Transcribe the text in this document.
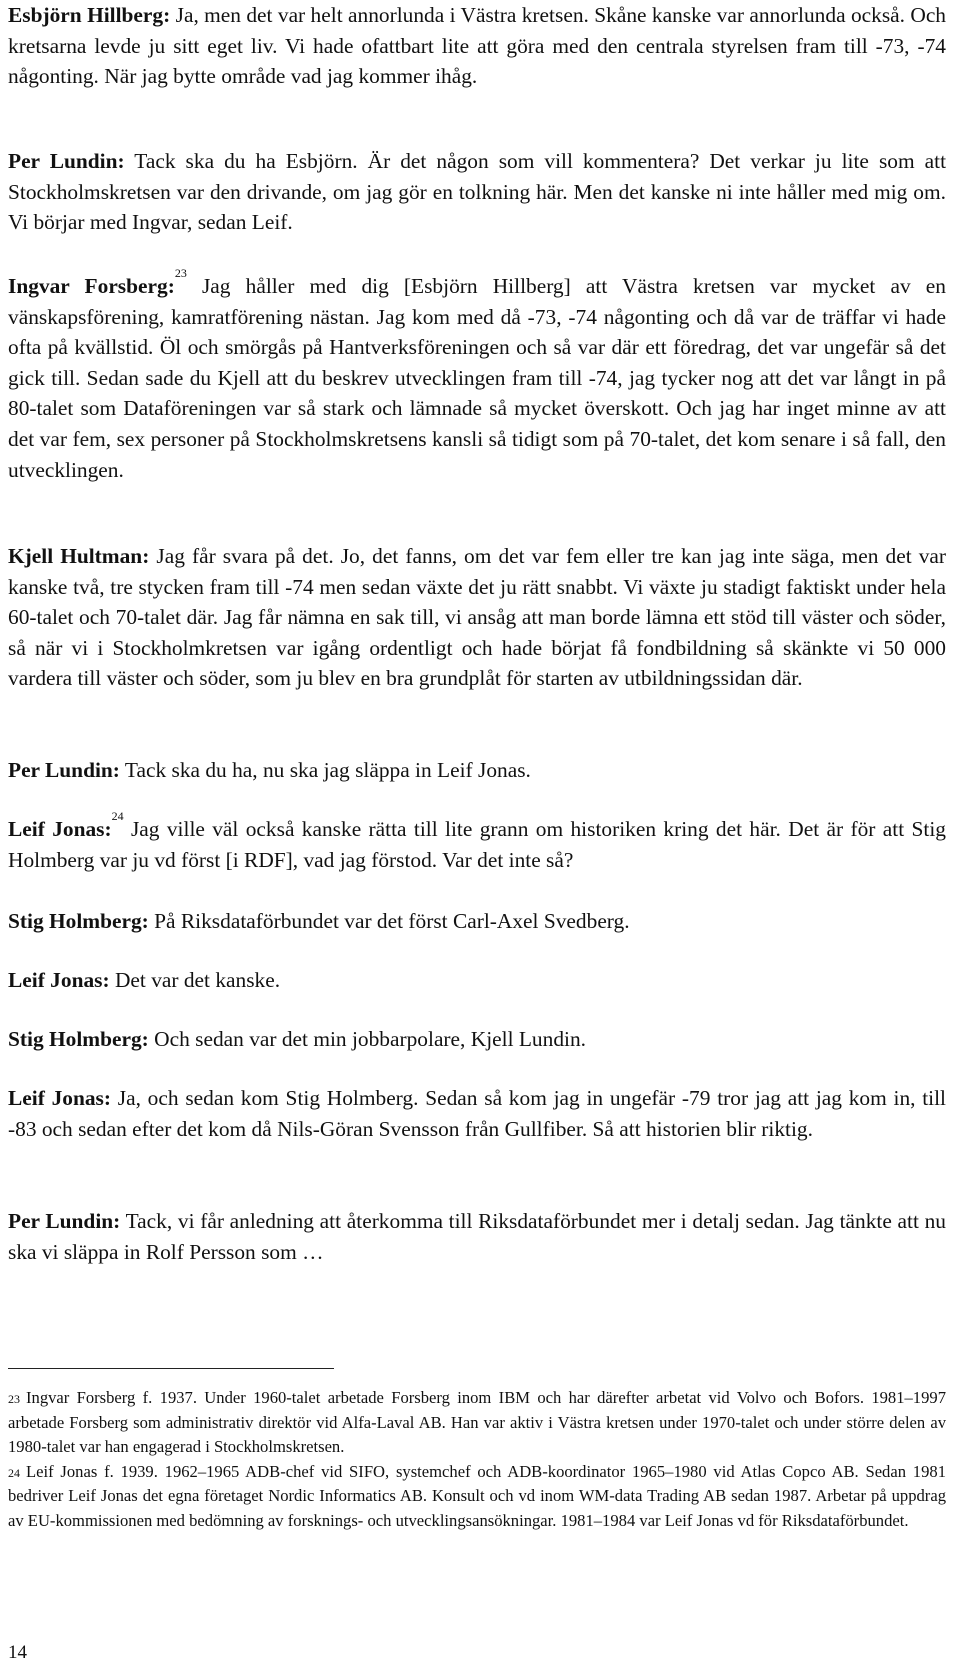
Esbjörn Hillberg: Ja, men det var helt annorlunda i Västra kretsen. Skåne kanske var annorlunda också. Och kretsarna levde ju sitt eget liv. Vi hade ofattbart lite att göra med den centrala styrelsen fram till -73, -74 någonting. När jag bytte område vad jag kommer ihåg.

Per Lundin: Tack ska du ha Esbjörn. Är det någon som vill kommentera? Det verkar ju lite som att Stockholmskretsen var den drivande, om jag gör en tolkning här. Men det kanske ni inte håller med mig om. Vi börjar med Ingvar, sedan Leif.

Ingvar Forsberg:$^{23}$ Jag håller med dig [Esbjörn Hillberg] att Västra kretsen var mycket av en vänskapsförening, kamratförening nästan. Jag kom med då -73, -74 någonting och då var de träffar vi hade ofta på kvällstid. Öl och smörgås på Hantverksföreningen och så var där ett föredrag, det var ungefär så det gick till. Sedan sade du Kjell att du beskrev utvecklingen fram till -74, jag tycker nog att det var långt in på 80-talet som Dataföreningen var så stark och lämnade så mycket överskott. Och jag har inget minne av att det var fem, sex personer på Stockholmskretsens kansli så tidigt som på 70-talet, det kom senare i så fall, den utvecklingen.

Kjell Hultman: Jag får svara på det. Jo, det fanns, om det var fem eller tre kan jag inte säga, men det var kanske två, tre stycken fram till -74 men sedan växte det ju rätt snabbt. Vi växte ju stadigt faktiskt under hela 60-talet och 70-talet där. Jag får nämna en sak till, vi ansåg att man borde lämna ett stöd till väster och söder, så när vi i Stockholmkretsen var igång ordentligt och hade börjat få fondbildning så skänkte vi 50 000 vardera till väster och söder, som ju blev en bra grundplåt för starten av utbildningssidan där.

Per Lundin: Tack ska du ha, nu ska jag släppa in Leif Jonas.

Leif Jonas:$^{24}$ Jag ville väl också kanske rätta till lite grann om historiken kring det här. Det är för att Stig Holmberg var ju vd först [i RDF], vad jag förstod. Var det inte så?

Stig Holmberg: På Riksdataförbundet var det först Carl-Axel Svedberg.

Leif Jonas: Det var det kanske.

Stig Holmberg: Och sedan var det min jobbarpolare, Kjell Lundin.

Leif Jonas: Ja, och sedan kom Stig Holmberg. Sedan så kom jag in ungefär -79 tror jag att jag kom in, till -83 och sedan efter det kom då Nils-Göran Svensson från Gullfiber. Så att historien blir riktig.

Per Lundin: Tack, vi får anledning att återkomma till Riksdataförbundet mer i detalj sedan. Jag tänkte att nu ska vi släppa in Rolf Persson som …

$^{23}$ Ingvar Forsberg f. 1937. Under 1960-talet arbetade Forsberg inom IBM och har därefter arbetat vid Volvo och Bofors. 1981–1997 arbetade Forsberg som administrativ direktör vid Alfa-Laval AB. Han var aktiv i Västra kretsen under 1970-talet och under större delen av 1980-talet var han engagerad i Stockholmskretsen.

$^{24}$ Leif Jonas f. 1939. 1962–1965 ADB-chef vid SIFO, systemchef och ADB-koordinator 1965–1980 vid Atlas Copco AB. Sedan 1981 bedriver Leif Jonas det egna företaget Nordic Informatics AB. Konsult och vd inom WM-data Trading AB sedan 1987. Arbetar på uppdrag av EU-kommissionen med bedömning av forsknings- och utvecklingsansökningar. 1981–1984 var Leif Jonas vd för Riksdataförbundet.

14
